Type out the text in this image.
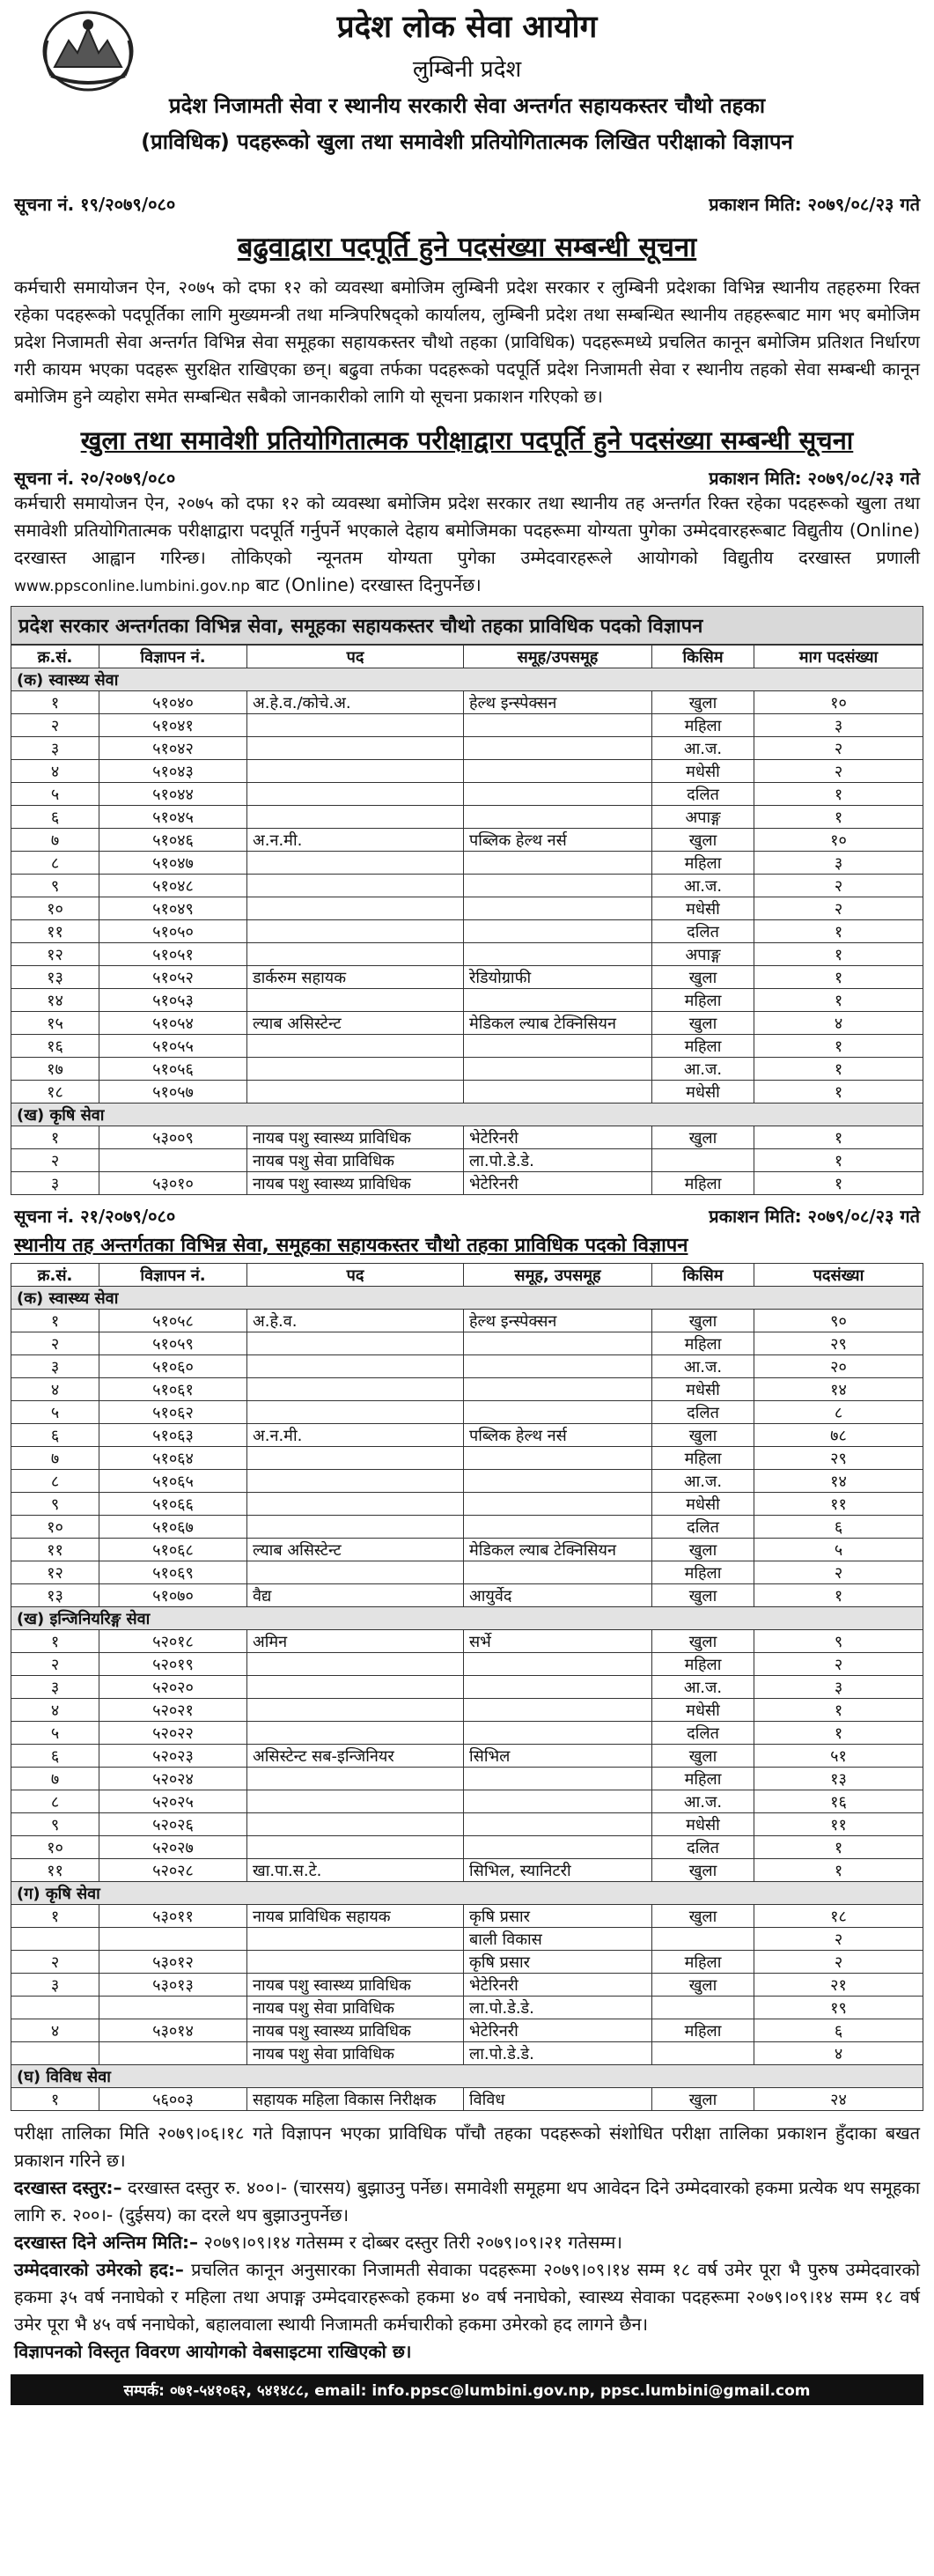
प्रदेश लोक सेवा आयोग
लुम्बिनी प्रदेश
प्रदेश निजामती सेवा र स्थानीय सरकारी सेवा अन्तर्गत सहायकस्तर चौथो तहका
(प्राविधिक) पदहरूको खुला तथा समावेशी प्रतियोगितात्मक लिखित परीक्षाको विज्ञापन
सूचना नं. १९/२०७९/०८०	प्रकाशन मिति: २०७९/०८/२३ गते
बढुवाद्वारा पदपूर्ति हुने पदसंख्या सम्बन्धी सूचना

कर्मचारी समायोजन ऐन, २०७५ को दफा १२ को व्यवस्था बमोजिम लुम्बिनी प्रदेश सरकार र लुम्बिनी प्रदेशका विभिन्न स्थानीय तहहरुमा रिक्त रहेका पदहरूको पदपूर्तिका लागि मुख्यमन्त्री तथा मन्त्रिपरिषद्को कार्यालय, लुम्बिनी प्रदेश तथा सम्बन्धित स्थानीय तहहरूबाट माग भए बमोजिम प्रदेश निजामती सेवा अन्तर्गत विभिन्न सेवा समूहका सहायकस्तर चौथो तहका (प्राविधिक) पदहरूमध्ये प्रचलित कानून बमोजिम प्रतिशत निर्धारण गरी कायम भएका पदहरू सुरक्षित राखिएका छन्। बढुवा तर्फका पदहरूको पदपूर्ति प्रदेश निजामती सेवा र स्थानीय तहको सेवा सम्बन्धी कानून बमोजिम हुने व्यहोरा समेत सम्बन्धित सबैको जानकारीको लागि यो सूचना प्रकाशन गरिएको छ।

खुला तथा समावेशी प्रतियोगितात्मक परीक्षाद्वारा पदपूर्ति हुने पदसंख्या सम्बन्धी सूचना
सूचना नं. २०/२०७९/०८०	प्रकाशन मिति: २०७९/०८/२३ गते

कर्मचारी समायोजन ऐन, २०७५ को दफा १२ को व्यवस्था बमोजिम प्रदेश सरकार तथा स्थानीय तह अन्तर्गत रिक्त रहेका पदहरूको खुला तथा समावेशी प्रतियोगितात्मक परीक्षाद्वारा पदपूर्ति गर्नुपर्ने भएकाले देहाय बमोजिमका पदहरूमा योग्यता पुगेका उम्मेदवारहरूबाट विद्युतीय (Online) दरखास्त आह्वान गरिन्छ। तोकिएको न्यूनतम योग्यता पुगेका उम्मेदवारहरूले आयोगको विद्युतीय दरखास्त प्रणाली www.ppsconline.lumbini.gov.np बाट (Online) दरखास्त दिनुपर्नेछ।

प्रदेश सरकार अन्तर्गतका विभिन्न सेवा, समूहका सहायकस्तर चौथो तहका प्राविधिक पदको विज्ञापन
क्र.सं.	विज्ञापन नं.	पद	समूह/उपसमूह	किसिम	माग पदसंख्या
(क) स्वास्थ्य सेवा					
१	५१०४०	अ.हे.व./कोचे.अ.	हेल्थ इन्स्पेक्सन	खुला	१०
२	५१०४१			महिला	३
३	५१०४२			आ.ज.	२
४	५१०४३			मधेसी	२
५	५१०४४			दलित	१
६	५१०४५			अपाङ्ग	१
७	५१०४६	अ.न.मी.	पब्लिक हेल्थ नर्स	खुला	१०
८	५१०४७			महिला	३
९	५१०४८			आ.ज.	२
१०	५१०४९			मधेसी	२
११	५१०५०			दलित	१
१२	५१०५१			अपाङ्ग	१
१३	५१०५२	डार्करुम सहायक	रेडियोग्राफी	खुला	१
१४	५१०५३			महिला	१
१५	५१०५४	ल्याब असिस्टेन्ट	मेडिकल ल्याब टेक्निसियन	खुला	४
१६	५१०५५			महिला	१
१७	५१०५६			आ.ज.	१
१८	५१०५७			मधेसी	१
(ख) कृषि सेवा					
१	५३००९	नायब पशु स्वास्थ्य प्राविधिक	भेटेरिनरी	खुला	१
२		नायब पशु सेवा प्राविधिक	ला.पो.डे.डे.		१
३	५३०१०	नायब पशु स्वास्थ्य प्राविधिक	भेटेरिनरी	महिला	१
सूचना नं. २१/२०७९/०८०	प्रकाशन मिति: २०७९/०८/२३ गते
स्थानीय तह अन्तर्गतका विभिन्न सेवा, समूहका सहायकस्तर चौथो तहका प्राविधिक पदको विज्ञापन
क्र.सं.	विज्ञापन नं.	पद	समूह, उपसमूह	किसिम	पदसंख्या
(क) स्वास्थ्य सेवा					
१	५१०५८	अ.हे.व.	हेल्थ इन्स्पेक्सन	खुला	९०
२	५१०५९			महिला	२९
३	५१०६०			आ.ज.	२०
४	५१०६१			मधेसी	१४
५	५१०६२			दलित	८
६	५१०६३	अ.न.मी.	पब्लिक हेल्थ नर्स	खुला	७८
७	५१०६४			महिला	२९
८	५१०६५			आ.ज.	१४
९	५१०६६			मधेसी	११
१०	५१०६७			दलित	६
११	५१०६८	ल्याब असिस्टेन्ट	मेडिकल ल्याब टेक्निसियन	खुला	५
१२	५१०६९			महिला	२
१३	५१०७०	वैद्य	आयुर्वेद	खुला	१
(ख) इन्जिनियरिङ्ग सेवा					
१	५२०१८	अमिन	सर्भे	खुला	९
२	५२०१९			महिला	२
३	५२०२०			आ.ज.	३
४	५२०२१			मधेसी	१
५	५२०२२			दलित	१
६	५२०२३	असिस्टेन्ट सब-इन्जिनियर	सिभिल	खुला	५१
७	५२०२४			महिला	१३
८	५२०२५			आ.ज.	१६
९	५२०२६			मधेसी	११
१०	५२०२७			दलित	१
११	५२०२८	खा.पा.स.टे.	सिभिल, स्यानिटरी	खुला	१
(ग) कृषि सेवा					
१	५३०११	नायब प्राविधिक सहायक	कृषि प्रसार	खुला	१८
			बाली विकास		२
२	५३०१२		कृषि प्रसार	महिला	२
३	५३०१३	नायब पशु स्वास्थ्य प्राविधिक	भेटेरिनरी	खुला	२१
		नायब पशु सेवा प्राविधिक	ला.पो.डे.डे.		१९
४	५३०१४	नायब पशु स्वास्थ्य प्राविधिक	भेटेरिनरी	महिला	६
		नायब पशु सेवा प्राविधिक	ला.पो.डे.डे.		४
(घ) विविध सेवा					
१	५६००३	सहायक महिला विकास निरीक्षक	विविध	खुला	२४

परीक्षा तालिका मिति २०७९।०६।१८ गते विज्ञापन भएका प्राविधिक पाँचौ तहका पदहरूको संशोधित परीक्षा तालिका प्रकाशन हुँदाका बखत प्रकाशन गरिने छ।

दरखास्त दस्तुर:– दरखास्त दस्तुर रु. ४००।- (चारसय) बुझाउनु पर्नेछ। समावेशी समूहमा थप आवेदन दिने उम्मेदवारको हकमा प्रत्येक थप समूहका लागि रु. २००।- (दुईसय) का दरले थप बुझाउनुपर्नेछ।

दरखास्त दिने अन्तिम मिति:– २०७९।०९।१४ गतेसम्म र दोब्बर दस्तुर तिरी २०७९।०९।२१ गतेसम्म।

उम्मेदवारको उमेरको हद:– प्रचलित कानून अनुसारका निजामती सेवाका पदहरूमा २०७९।०९।१४ सम्म १८ वर्ष उमेर पूरा भै पुरुष उम्मेदवारको हकमा ३५ वर्ष ननाघेको र महिला तथा अपाङ्ग उम्मेदवारहरूको हकमा ४० वर्ष ननाघेको, स्वास्थ्य सेवाका पदहरूमा २०७९।०९।१४ सम्म १८ वर्ष उमेर पूरा भै ४५ वर्ष ननाघेको, बहालवाला स्थायी निजामती कर्मचारीको हकमा उमेरको हद लागने छैन।

विज्ञापनको विस्तृत विवरण आयोगको वेबसाइटमा राखिएको छ।

सम्पर्क: ०७१-५४१०६२, ५४१४८८, email: info.ppsc@lumbini.gov.np, ppsc.lumbini@gmail.com
